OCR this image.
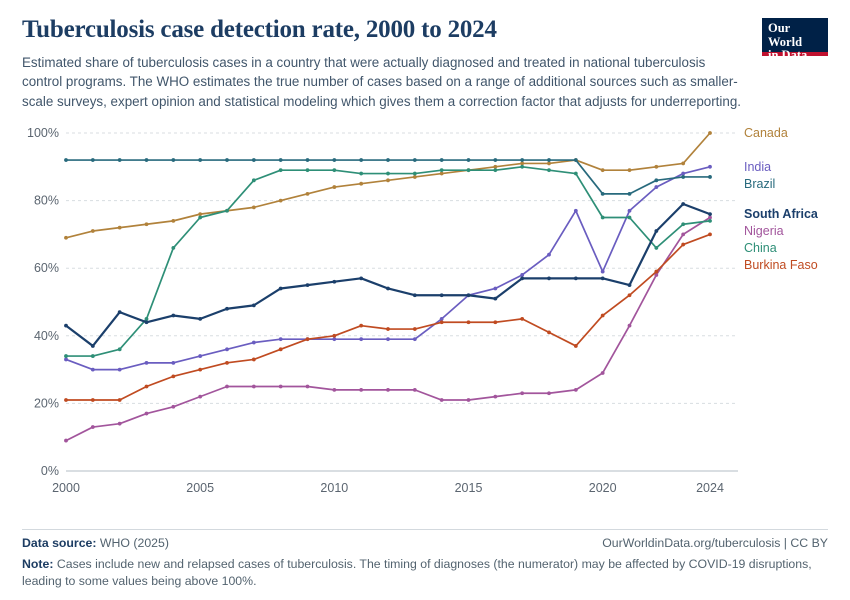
Tuberculosis case detection rate, 2000 to 2024

Estimated share of tuberculosis cases in a country that were actually diagnosed and treated in national tuberculosis control programs. The WHO estimates the true number of cases based on a range of additional sources such as smaller-scale surveys, expert opinion and statistical modeling which gives them a correction factor that adjusts for underreporting.

Our World
in Data
0%
20%
40%
60%
80%
100%
2000	2005	2010	2015	2020	2024
Canada
India
Brazil
South Africa
Nigeria
China
Burkina Faso
Data source: WHO (2025)	OurWorldinData.org/tuberculosis | CC BY
Note: Cases include new and relapsed cases of tuberculosis. The timing of diagnoses (the numerator) may be affected by COVID-19 disruptions, leading to some values being above 100%.
